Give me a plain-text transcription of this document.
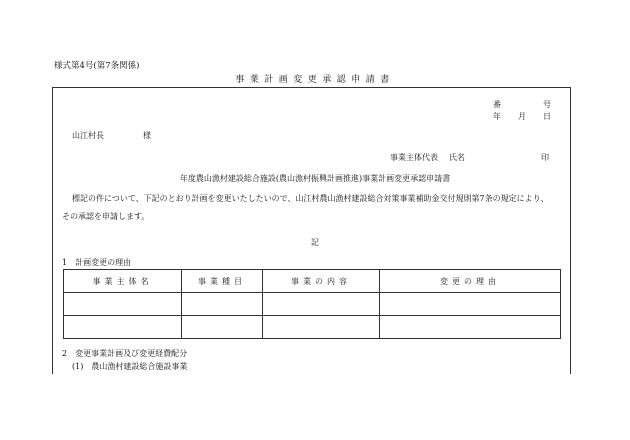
様式第4号(第7条関係)
事業計画変更承認申請書
番	号
年 月 日
山江村長	様
事業主体代表 氏名	印
年度農山漁村建設総合施設(農山漁村振興計画推進)事業計画変更承認申請書
標記の件について、下記のとおり計画を変更いたしたいので、山江村農山漁村建設総合対策事業補助金交付規則第7条の規定により、
その承認を申請します。
記
1　計画変更の理由
事業主体名	事業種目	事業の内容	変更の理由

2　変更事業計画及び変更経費配分
(1)　農山漁村建設総合施設事業
